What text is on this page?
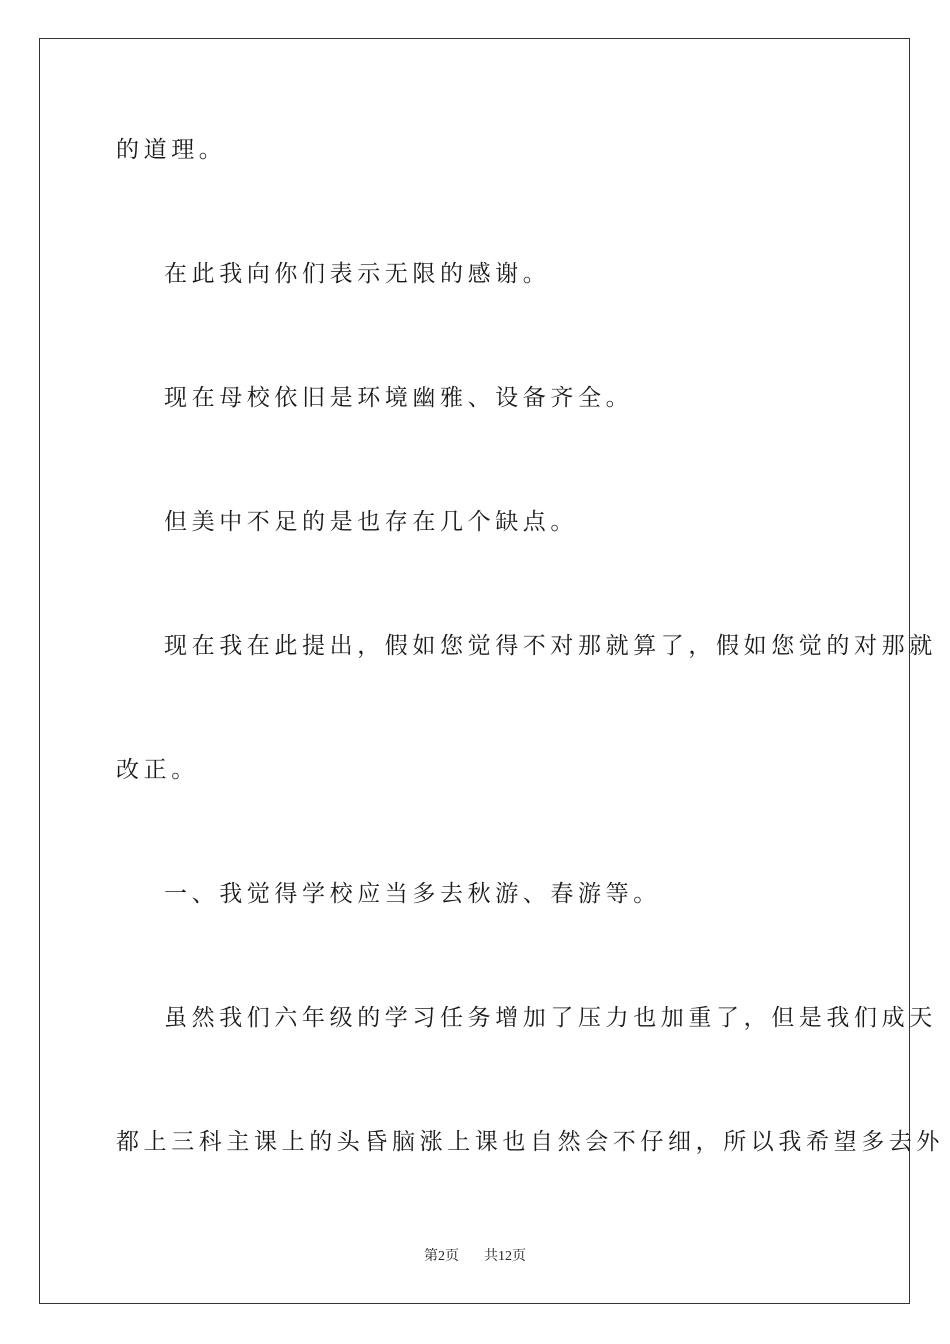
的道理。
在此我向你们表示无限的感谢。
现在母校依旧是环境幽雅、设备齐全。
但美中不足的是也存在几个缺点。
现在我在此提出，假如您觉得不对那就算了，假如您觉的对那就
改正。
一、我觉得学校应当多去秋游、春游等。
虽然我们六年级的学习任务增加了压力也加重了，但是我们成天
都上三科主课上的头昏脑涨上课也自然会不仔细，所以我希望多去外
第2页 共12页
